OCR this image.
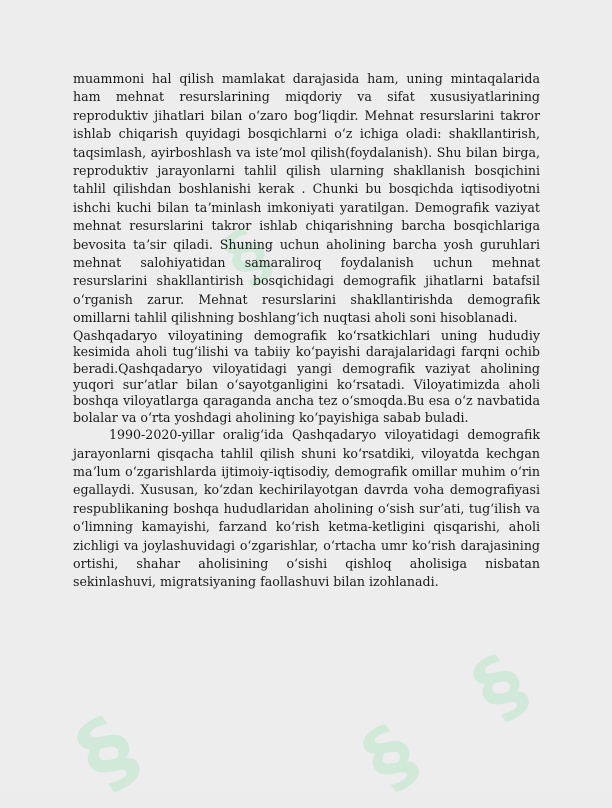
§
§
§ §

muammoni hal qilish mamlakat darajasida ham, uning mintaqalarida ham mehnat resurslarining miqdoriy va sifat xususiyatlarining reproduktiv jihatlari bilan oʻzaro bogʻliqdir. Mehnat resurslarini takror ishlab chiqarish quyidagi bosqichlarni oʻz ichiga oladi: shakllantirish, taqsimlash, ayirboshlash va isteʼmol qilish(foydalanish). Shu bilan birga, reproduktiv jarayonlarni tahlil qilish ularning shakllanish bosqichini tahlil qilishdan boshlanishi kerak . Chunki bu bosqichda iqtisodiyotni ishchi kuchi bilan taʼminlash imkoniyati yaratilgan. Demografik vaziyat mehnat resurslarini takror ishlab chiqarishning barcha bosqichlariga bevosita taʼsir qiladi. Shuning uchun aholining barcha yosh guruhlari mehnat salohiyatidan samaraliroq foydalanish uchun mehnat resurslarini shakllantirish bosqichidagi demografik jihatlarni batafsil oʻrganish zarur. Mehnat resurslarini shakllantirishda demografik omillarni tahlil qilishning boshlangʻich nuqtasi aholi soni hisoblanadi.

Qashqadaryo viloyatining demografik koʻrsatkichlari uning hududiy kesimida aholi tugʻilishi va tabiiy koʻpayishi darajalaridagi farqni ochib beradi.Qashqadaryo viloyatidagi yangi demografik vaziyat aholining yuqori surʼatlar bilan oʻsayotganligini koʻrsatadi. Viloyatimizda aholi boshqa viloyatlarga qaraganda ancha tez oʻsmoqda.Bu esa oʻz navbatida bolalar va oʻrta yoshdagi aholining koʻpayishiga sabab buladi.

1990-2020-yillar oraligʻida Qashqadaryo viloyatidagi demografik jarayonlarni qisqacha tahlil qilish shuni koʻrsatdiki, viloyatda kechgan maʼlum oʻzgarishlarda ijtimoiy-iqtisodiy, demografik omillar muhim oʻrin egallaydi. Xususan, koʻzdan kechirilayotgan davrda voha demografiyasi respublikaning boshqa hududlaridan aholining oʻsish surʼati, tugʻilish va oʻlimning kamayishi, farzand koʻrish ketma-ketligini qisqarishi, aholi zichligi va joylashuvidagi oʻzgarishlar, oʻrtacha umr koʻrish darajasining ortishi, shahar aholisining oʻsishi qishloq aholisiga nisbatan sekinlashuvi, migratsiyaning faollashuvi bilan izohlanadi.
